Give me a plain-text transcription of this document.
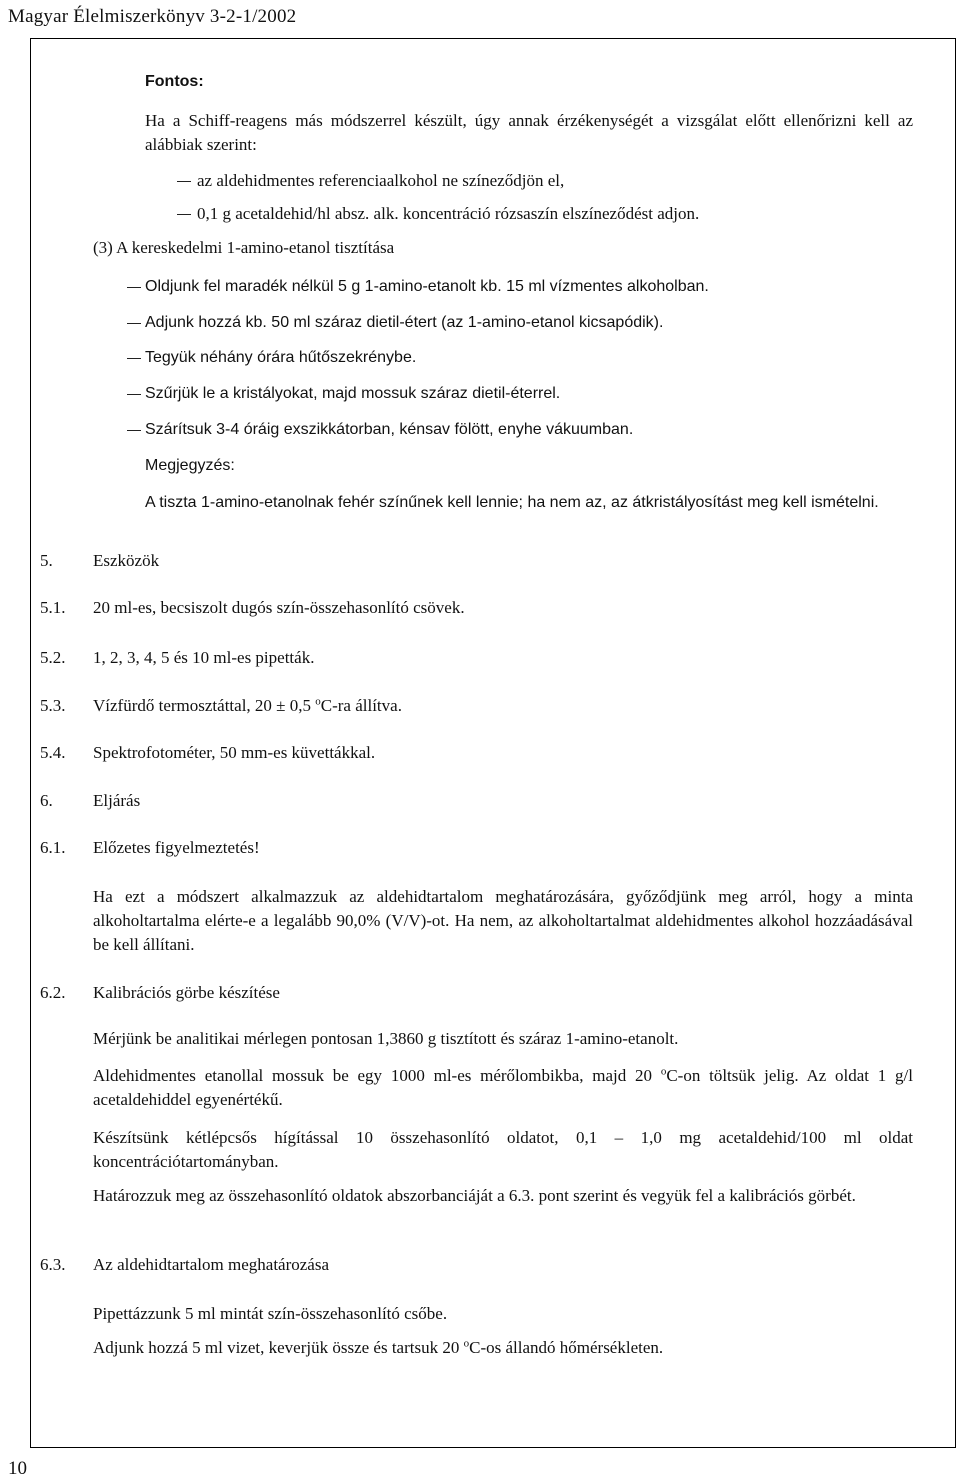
Magyar Élelmiszerkönyv 3-2-1/2002
Fontos:
Ha a Schiff-reagens más módszerrel készült, úgy annak érzékenységét a vizsgálat előtt ellenőrizni kell az alábbiak szerint:
az aldehidmentes referenciaalkohol ne színeződjön el,
0,1 g acetaldehid/hl absz. alk. koncentráció rózsaszín elszíneződést adjon.
(3) A kereskedelmi 1-amino-etanol tisztítása
Oldjunk fel maradék nélkül 5 g 1-amino-etanolt kb. 15 ml vízmentes alkoholban.
Adjunk hozzá kb. 50 ml száraz dietil-étert (az 1-amino-etanol kicsapódik).
Tegyük néhány órára hűtőszekrénybe.
Szűrjük le a kristályokat, majd mossuk száraz dietil-éterrel.
Szárítsuk 3-4 óráig exszikkátorban, kénsav fölött, enyhe vákuumban.
Megjegyzés:
A tiszta 1-amino-etanolnak fehér színűnek kell lennie; ha nem az, az átkristályosítást meg kell ismételni.
5. Eszközök
5.1. 20 ml-es, becsiszolt dugós szín-összehasonlító csövek.
5.2. 1, 2, 3, 4, 5 és 10 ml-es pipetták.
5.3. Vízfürdő termosztáttal, 20 ± 0,5 $^o$C-ra állítva.
5.4. Spektrofotométer, 50 mm-es küvettákkal.
6. Eljárás
6.1. Előzetes figyelmeztetés!
Ha ezt a módszert alkalmazzuk az aldehidtartalom meghatározására, győződjünk meg arról, hogy a minta alkoholtartalma elérte-e a legalább 90,0% (V/V)-ot. Ha nem, az alkoholtartalmat aldehidmentes alkohol hozzáadásával be kell állítani.
6.2. Kalibrációs görbe készítése
Mérjünk be analitikai mérlegen pontosan 1,3860 g tisztított és száraz 1-amino-etanolt.
Aldehidmentes etanollal mossuk be egy 1000 ml-es mérőlombikba, majd 20 $^o$C-on töltsük jelig. Az oldat 1 g/l acetaldehiddel egyenértékű.
Készítsünk kétlépcsős hígítással 10 összehasonlító oldatot, 0,1 – 1,0 mg acetaldehid/100 ml oldat koncentrációtartományban.
Határozzuk meg az összehasonlító oldatok abszorbanciáját a 6.3. pont szerint és vegyük fel a kalibrációs görbét.
6.3. Az aldehidtartalom meghatározása
Pipettázzunk 5 ml mintát szín-összehasonlító csőbe.
Adjunk hozzá 5 ml vizet, keverjük össze és tartsuk 20 $^o$C-os állandó hőmérsékleten.
10
